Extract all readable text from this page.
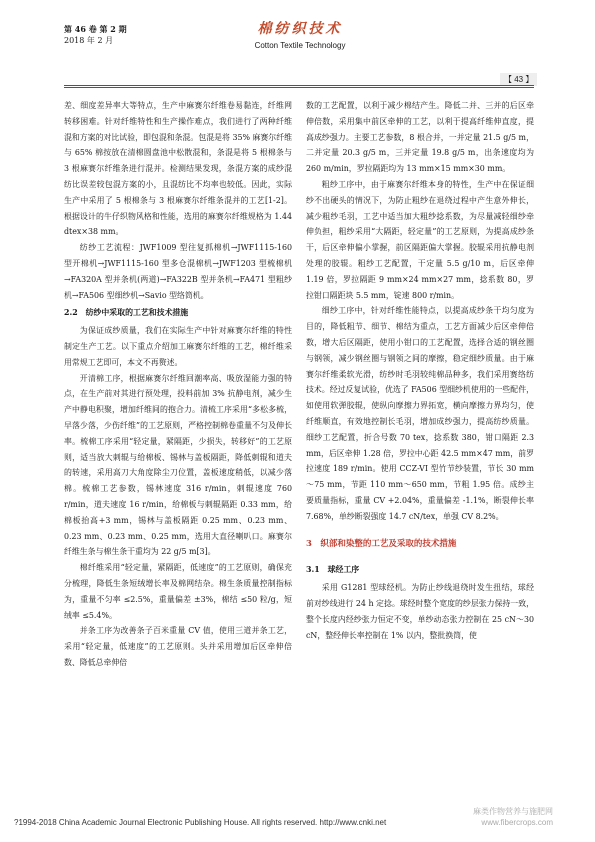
第 46 卷 第 2 期
2018 年 2 月
棉纺织技术
Cotton Textile Technology
【 43 】

差、细度差异率大等特点，生产中麻赛尔纤维卷易黏连，纤维网转移困难。针对纤维特性和生产操作难点，我们进行了两种纤维混和方案的对比试验，即包混和条混。包混是将 35% 麻赛尔纤维与 65% 棉按放在清棉圆盘池中松散混和，条混是将 5 根棉条与 3 根麻赛尔纤维条进行混并。检测结果发现，条混方案的成纱混纺比误差较包混方案的小，且混纺比不均率也较低。因此，实际生产中采用了 5 根棉条与 3 根麻赛尔纤维条混并的工艺[1-2]。根据设计的牛仔织物风格和性能，选用的麻赛尔纤维规格为 1.44 dtex×38 mm。

纺纱工艺流程：JWF1009 型往复抓棉机→JWF1115-160 型开棉机→JWF1115-160 型多仓混棉机→JWF1203 型梳棉机→FA320A 型并条机(两道)→FA322B 型并条机→FA471 型粗纱机→FA506 型细纱机→Savio 型络筒机。

2.2　纺纱中采取的工艺和技术措施

为保证成纱质量，我们在实际生产中针对麻赛尔纤维的特性制定生产工艺。以下重点介绍加工麻赛尔纤维的工艺，棉纤维采用常规工艺即可，本文不再赘述。

开清棉工序，根据麻赛尔纤维回潮率高、吸放湿能力强的特点，在生产前对其进行预处理，投料前加 3% 抗静电剂，减少生产中静电积聚，增加纤维间的抱合力。清梳工序采用“多松多梳，早落少落，少伤纤维”的工艺原则，严格控制棉卷重量不匀及伸长率。梳棉工序采用“轻定量，紧隔距，少损失，转移好”的工艺原则，适当放大刺辊与给棉板、锡林与盖板隔距，降低刺辊和道夫的转速，采用高刀大角度除尘刀位置，盖板速度稍低，以减少落棉。梳棉工艺参数，锡林速度 316 r/min，刺辊速度 760 r/min，道夫速度 16 r/min，给棉板与刺辊隔距 0.33 mm，给棉板抬高+3 mm，锡林与盖板隔距 0.25 mm、0.23 mm、0.23 mm、0.23 mm、0.25 mm，选用大直径喇叭口。麻赛尔纤维生条与棉生条干重均为 22 g/5 m[3]。

棉纤维采用“轻定量，紧隔距，低速度”的工艺原则，确保充分梳理，降低生条短绒增长率及棉网结杂。棉生条质量控制指标为，重量不匀率 ≤2.5%，重量偏差 ±3%，棉结 ≤50 粒/g，短绒率 ≤5.4%。

并条工序为改善条子百米重量 CV 值，使用三道并条工艺，采用“轻定量，低速度”的工艺原则。头并采用增加后区牵伸倍数、降低总牵伸倍

数的工艺配置，以利于减少棉结产生。降低二并、三并的后区牵伸倍数，采用集中前区牵伸的工艺，以利于提高纤维伸直度，提高成纱强力。主要工艺参数，8 根合并，一并定量 21.5 g/5 m，二并定量 20.3 g/5 m，三并定量 19.8 g/5 m，出条速度均为 260 m/min，罗拉隔距均为 13 mm×15 mm×30 mm。

粗纱工序中，由于麻赛尔纤维本身的特性，生产中在保证细纱不出硬头的情况下，为防止粗纱在退绕过程中产生意外伸长，减少粗纱毛羽，工艺中适当加大粗纱捻系数，为尽量减轻细纱牵伸负担，粗纱采用“大隔距，轻定量”的工艺原则，为提高成纱条干，后区牵伸偏小掌握，前区隔距偏大掌握。胶辊采用抗静电剂处理的胶辊。粗纱工艺配置，干定量 5.5 g/10 m，后区牵伸 1.19 倍，罗拉隔距 9 mm×24 mm×27 mm，捻系数 80，罗拉钳口隔距块 5.5 mm，锭速 800 r/min。

细纱工序中，针对纤维性能特点，以提高成纱条干均匀度为目的，降低粗节、细节、棉结为重点，工艺方面减少后区牵伸倍数，增大后区隔距，使用小钳口的工艺配置，选择合适的钢丝圈与钢领，减少钢丝圈与钢领之间的摩擦，稳定细纱质量。由于麻赛尔纤维柔软光滑，纺纱时毛羽较纯棉品种多，我们采用赛络纺技术。经过反复试验，优选了 FA506 型细纱机使用的一些配件，如使用软弹胶辊，使纵向摩擦力界拓宽，横向摩擦力界均匀，使纤维顺直，有效地控制长毛羽，增加成纱强力，提高纺纱质量。细纱工艺配置，折合号数 70 tex，捻系数 380，钳口隔距 2.3 mm，后区牵伸 1.28 倍，罗拉中心距 42.5 mm×47 mm，前罗拉速度 189 r/min。使用 CCZ-VI 型竹节纱装置，节长 30 mm～75 mm，节距 110 mm～650 mm，节粗 1.95 倍。成纱主要质量指标，重量 CV +2.04%，重量偏差 -1.1%，断裂伸长率 7.68%，单纱断裂强度 14.7 cN/tex，单强 CV 8.2%。

3　织部和染整的工艺及采取的技术措施
3.1　球经工序

采用 G1281 型球经机。为防止纱线退绕时发生扭结，球经前对纱线进行 24 h 定捻。球经时整个宽度的纱层张力保持一致，整个长度内经纱张力恒定不变，单纱动态张力控制在 25 cN～30 cN，整经伸长率控制在 1% 以内，整批换筒，使

麻类作物营养与施肥网
www.fibercrops.com
?1994-2018 China Academic Journal Electronic Publishing House. All rights reserved. http://www.cnki.net
